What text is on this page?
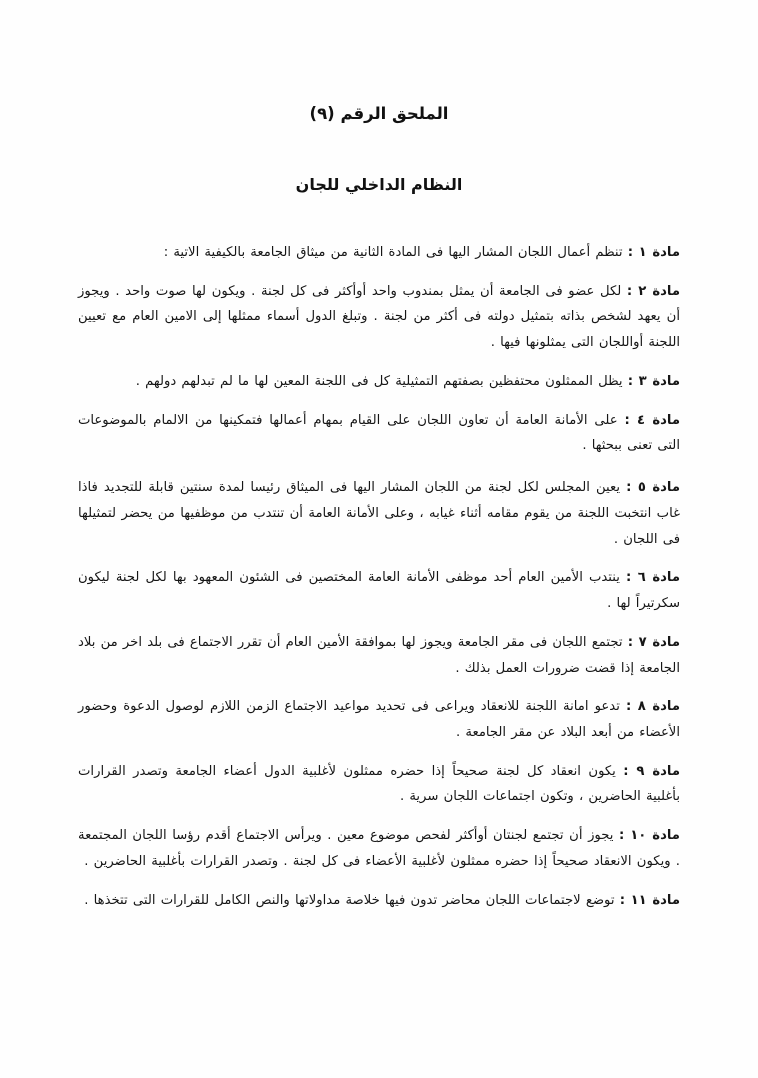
الملحق الرقم (٩)
النظام الداخلي للجان

مادة ١ : تنظم أعمال اللجان المشار اليها فى المادة الثانية من ميثاق الجامعة بالكيفية الاتية :

مادة ٢ : لكل عضو فى الجامعة أن يمثل بمندوب واحد أوأكثر فى كل لجنة . ويكون لها صوت واحد . ويجوز أن يعهد لشخص بذاته بتمثيل دولته فى أكثر من لجنة . وتبلغ الدول أسماء ممثلها إلى الامين العام مع تعيين اللجنة أواللجان التى يمثلونها فيها .

مادة ٣ : يظل الممثلون محتفظين بصفتهم التمثيلية كل فى اللجنة المعين لها ما لم تبدلهم دولهم .

مادة ٤ : على الأمانة العامة أن تعاون اللجان على القيام بمهام أعمالها فتمكينها من الالمام بالموضوعات التى تعنى ببحثها .

مادة ٥ : يعين المجلس لكل لجنة من اللجان المشار اليها فى الميثاق رئيسا لمدة سنتين قابلة للتجديد فاذا غاب انتخبت اللجنة من يقوم مقامه أثناء غيابه ، وعلى الأمانة العامة أن تنتدب من موظفيها من يحضر لتمثيلها فى اللجان .

مادة ٦ : ينتدب الأمين العام أحد موظفى الأمانة العامة المختصين فى الشئون المعهود بها لكل لجنة ليكون سكرتيراً لها .

مادة ٧ : تجتمع اللجان فى مقر الجامعة ويجوز لها بموافقة الأمين العام أن تقرر الاجتماع فى بلد اخر من بلاد الجامعة إذا قضت ضرورات العمل بذلك .

مادة ٨ : تدعو امانة اللجنة للانعقاد ويراعى فى تحديد مواعيد الاجتماع الزمن اللازم لوصول الدعوة وحضور الأعضاء من أبعد البلاد عن مقر الجامعة .

مادة ٩ : يكون انعقاد كل لجنة صحيحاً إذا حضره ممثلون لأغلبية الدول أعضاء الجامعة وتصدر القرارات بأغلبية الحاضرين ، وتكون اجتماعات اللجان سرية .

مادة ١٠ : يجوز أن تجتمع لجنتان أوأكثر لفحص موضوع معين . ويرأس الاجتماع أقدم رؤسا اللجان المجتمعة . ويكون الانعقاد صحيحاً إذا حضره ممثلون لأغلبية الأعضاء فى كل لجنة . وتصدر القرارات بأغلبية الحاضرين .

مادة ١١ : توضع لاجتماعات اللجان محاضر تدون فيها خلاصة مداولاتها والنص الكامل للقرارات التى تتخذها .
